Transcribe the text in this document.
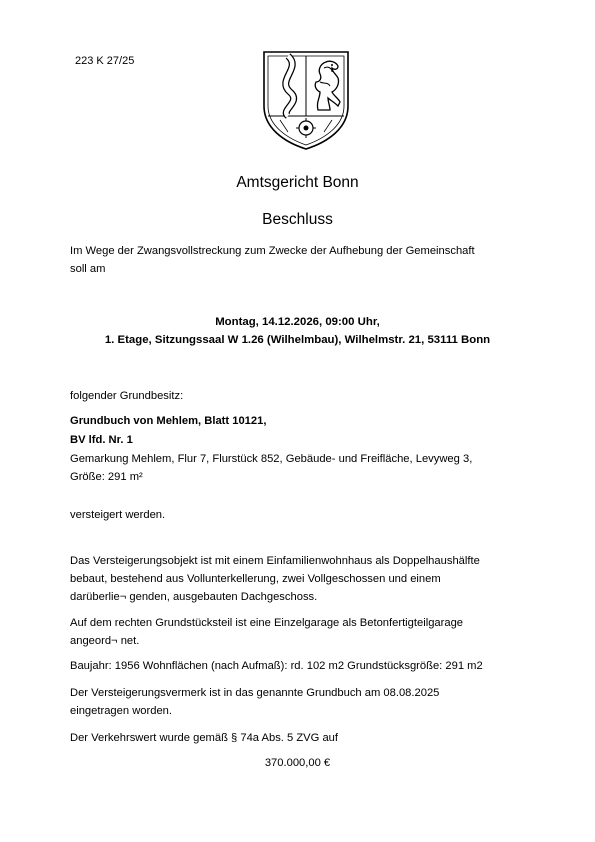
223 K 27/25
Amtsgericht Bonn
Beschluss
Im Wege der Zwangsvollstreckung zum Zwecke der Aufhebung der Gemeinschaft
soll am
Montag, 14.12.2026, 09:00 Uhr,
1. Etage, Sitzungssaal W 1.26 (Wilhelmbau), Wilhelmstr. 21, 53111 Bonn
folgender Grundbesitz:
Grundbuch von Mehlem, Blatt 10121,
BV lfd. Nr. 1
Gemarkung Mehlem, Flur 7, Flurstück 852, Gebäude- und Freifläche, Levyweg 3,
Größe: 291 m²
versteigert werden.
Das Versteigerungsobjekt ist mit einem Einfamilienwohnhaus als Doppelhaushälfte
bebaut, bestehend aus Vollunterkellerung, zwei Vollgeschossen und einem
darüberlie¬ genden, ausgebauten Dachgeschoss.
Auf dem rechten Grundstücksteil ist eine Einzelgarage als Betonfertigteilgarage
angeord¬ net.
Baujahr: 1956 Wohnflächen (nach Aufmaß): rd. 102 m2 Grundstücksgröße: 291 m2
Der Versteigerungsvermerk ist in das genannte Grundbuch am 08.08.2025
eingetragen worden.
Der Verkehrswert wurde gemäß § 74a Abs. 5 ZVG auf
370.000,00 €
